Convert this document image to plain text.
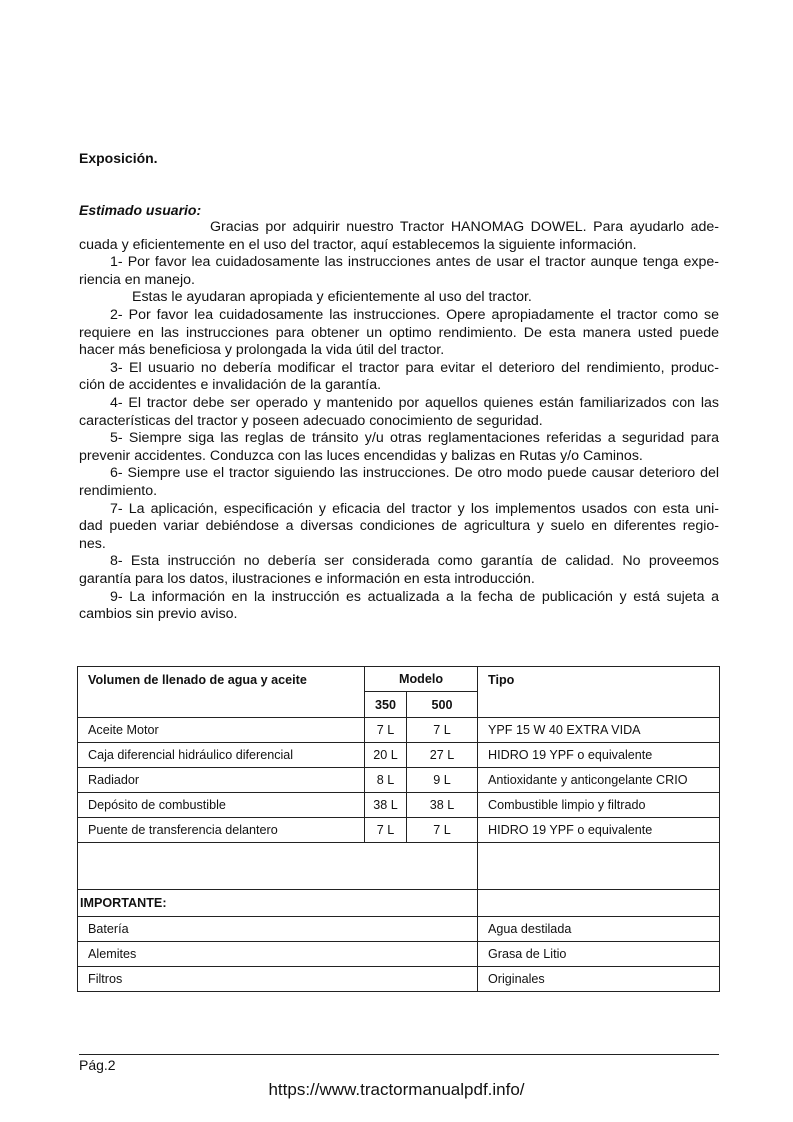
Exposición.
Estimado usuario:
Gracias por adquirir nuestro Tractor HANOMAG DOWEL. Para ayudarlo ade-
cuada y eficientemente en el uso del tractor, aquí establecemos la siguiente información.
1- Por favor lea cuidadosamente las instrucciones antes de usar el tractor aunque tenga expe-
riencia en manejo.
Estas le ayudaran apropiada y eficientemente al uso del tractor.
2- Por favor lea cuidadosamente las instrucciones. Opere apropiadamente el tractor como se
requiere en las instrucciones para obtener un optimo rendimiento. De esta manera usted puede
hacer más beneficiosa y prolongada la vida útil del tractor.
3- El usuario no debería modificar el tractor para evitar el deterioro del rendimiento, produc-
ción de accidentes e invalidación de la garantía.
4- El tractor debe ser operado y mantenido por aquellos quienes están familiarizados con las
características del tractor y poseen adecuado conocimiento de seguridad.
5- Siempre siga las reglas de tránsito y/u otras reglamentaciones referidas a seguridad para
prevenir accidentes. Conduzca con las luces encendidas y balizas en Rutas y/o Caminos.
6- Siempre use el tractor siguiendo las instrucciones. De otro modo puede causar deterioro del
rendimiento.
7- La aplicación, especificación y eficacia del tractor y los implementos usados con esta uni-
dad pueden variar debiéndose a diversas condiciones de agricultura y suelo en diferentes regio-
nes.
8- Esta instrucción no debería ser considerada como garantía de calidad. No proveemos
garantía para los datos, ilustraciones e información en esta introducción.
9- La información en la instrucción es actualizada a la fecha de publicación y está sujeta a
cambios sin previo aviso.
Volumen de llenado de agua y aceite	Modelo		Tipo
	350	500	
Aceite Motor	7 L	7 L	YPF 15 W 40 EXTRA VIDA
Caja diferencial hidráulico diferencial	20 L	27 L	HIDRO 19 YPF o equivalente
Radiador	8 L	9 L	Antioxidante y anticongelante CRIO
Depósito de combustible	38 L	38 L	Combustible limpio y filtrado
Puente de transferencia delantero	7 L	7 L	HIDRO 19 YPF o equivalente

IMPORTANTE:			
Batería			Agua destilada
Alemites			Grasa de Litio
Filtros			Originales
Pág.2
https://www.tractormanualpdf.info/
